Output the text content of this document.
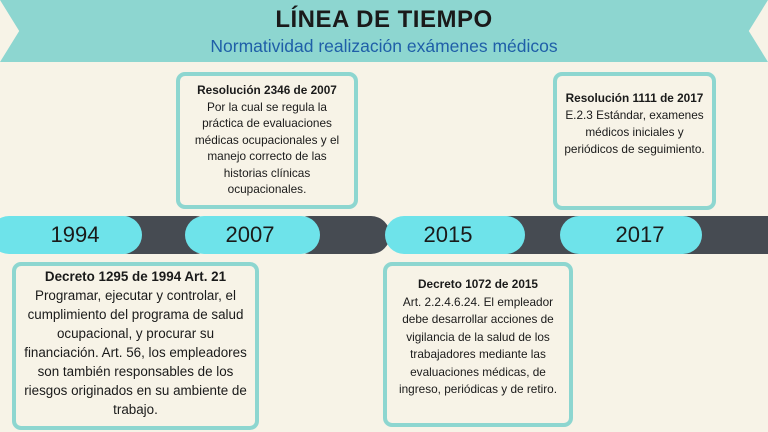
LÍNEA DE TIEMPO
Normatividad realización exámenes médicos
1994	2007	2015	2017
Resolución 2346 de 2007
Por la cual se regula la práctica de evaluaciones médicas ocupacionales y el manejo correcto de las historias clínicas ocupacionales.
Resolución 1111 de 2017
E.2.3 Estándar, examenes médicos iniciales y periódicos de seguimiento.
Decreto 1295 de 1994 Art. 21
Programar, ejecutar y controlar, el cumplimiento del programa de salud ocupacional, y procurar su financiación. Art. 56, los empleadores son también responsables de los riesgos originados en su ambiente de trabajo.
Decreto 1072 de 2015
Art. 2.2.4.6.24. El empleador debe desarrollar acciones de vigilancia de la salud de los trabajadores mediante las evaluaciones médicas, de ingreso, periódicas y de retiro.
